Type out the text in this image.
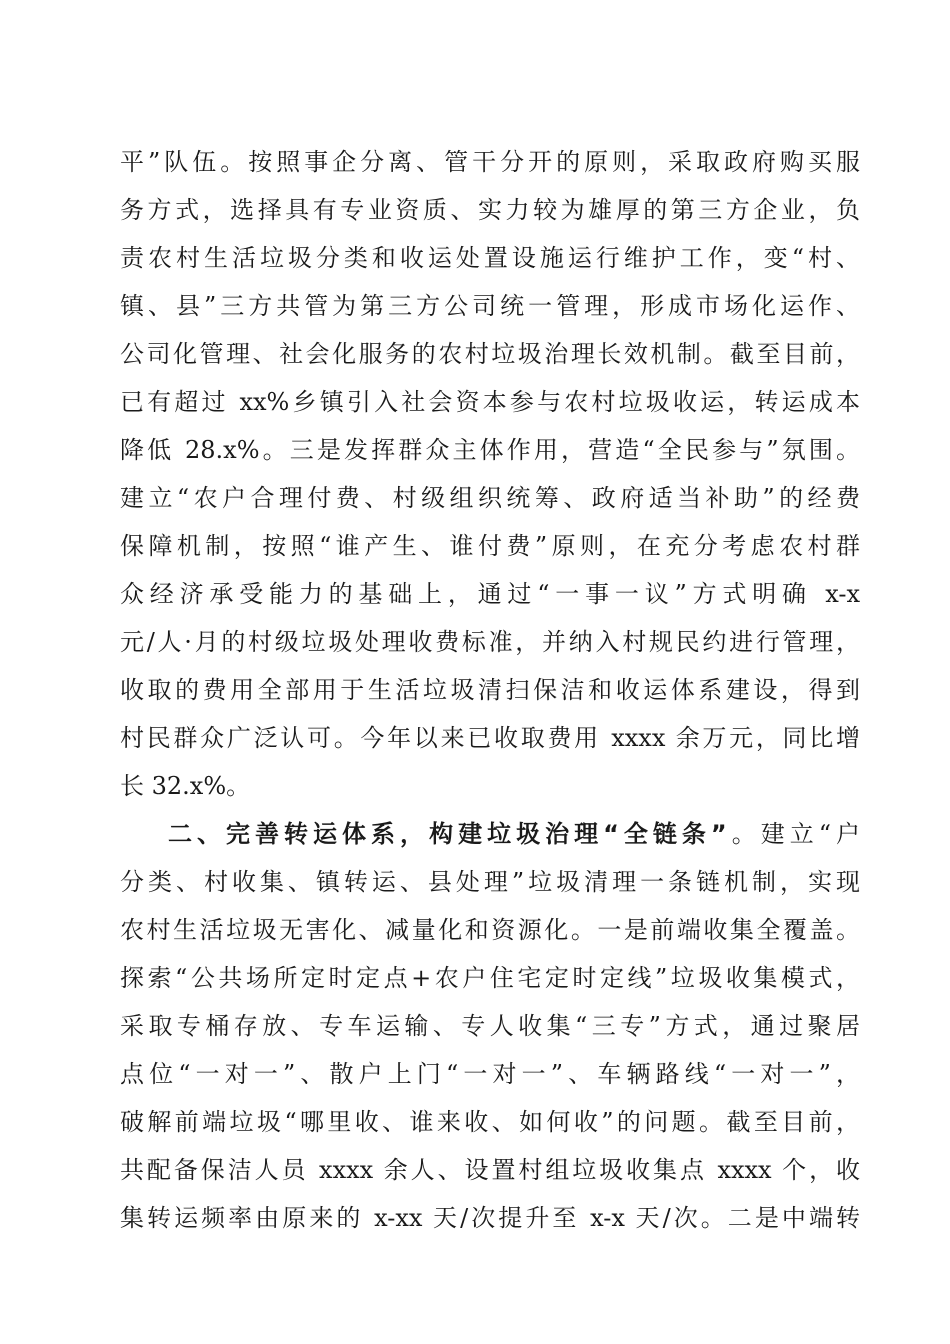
平”队伍。按照事企分离、管干分开的原则，采取政府购买服
务方式，选择具有专业资质、实力较为雄厚的第三方企业，负
责农村生活垃圾分类和收运处置设施运行维护工作，变“村、
镇、县”三方共管为第三方公司统一管理，形成市场化运作、
公司化管理、社会化服务的农村垃圾治理长效机制。截至目前，
已有超过 xx%乡镇引入社会资本参与农村垃圾收运，转运成本
降低 28.x%。三是发挥群众主体作用，营造“全民参与”氛围。
建立“农户合理付费、村级组织统筹、政府适当补助”的经费
保障机制，按照“谁产生、谁付费”原则，在充分考虑农村群
众经济承受能力的基础上，通过“一事一议”方式明确 x-x
元/人·月的村级垃圾处理收费标准，并纳入村规民约进行管理，
收取的费用全部用于生活垃圾清扫保洁和收运体系建设，得到
村民群众广泛认可。今年以来已收取费用 xxxx 余万元，同比增
长 32.x%。
二、完善转运体系，构建垃圾治理“全链条”。建立“户
分类、村收集、镇转运、县处理”垃圾清理一条链机制，实现
农村生活垃圾无害化、减量化和资源化。一是前端收集全覆盖。
探索“公共场所定时定点+农户住宅定时定线”垃圾收集模式，
采取专桶存放、专车运输、专人收集“三专”方式，通过聚居
点位“一对一”、散户上门“一对一”、车辆路线“一对一”，
破解前端垃圾“哪里收、谁来收、如何收”的问题。截至目前，
共配备保洁人员 xxxx 余人、设置村组垃圾收集点 xxxx 个，收
集转运频率由原来的 x-xx 天/次提升至 x-x 天/次。二是中端转
